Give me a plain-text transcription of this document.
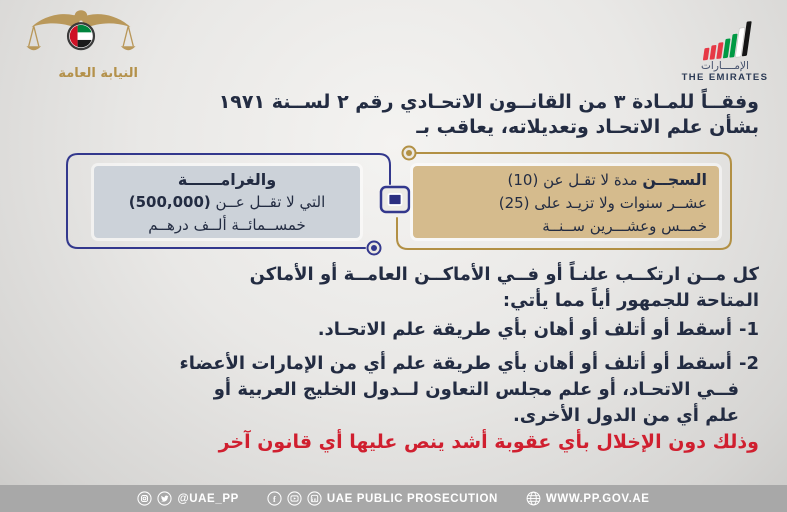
النيابة العامة	الإمــــارات
THE EMIRATES
وفقــاً للمـادة ٣ من القانــون الاتحـادي رقم ٢ لســنة ١٩٧١
بشأن علم الاتحـاد وتعديلاته، يعاقب بـ
السجــن مدة لا تقـل عن (10)
عشــر سنوات ولا تزيـد على (25)
خمــس وعشـــرين ســنــة
والغرامــــــة
التي لا تقــل عــن (500,000)
خمســمائــة ألــف درهــم
كل مــن ارتكــب علنـاً أو فــي الأماكــن العامــة أو الأماكن
المتاحة للجمهور أياً مما يأتي:
1-أسقط أو أتلف أو أهان بأي طريقة علم الاتحـاد.
2-أسقط أو أتلف أو أهان بأي طريقة علم أي من الإمارات الأعضاء
فــي الاتحـاد، أو علم مجلس التعاون لــدول الخليج العربية أو
علم أي من الدول الأخرى.
وذلك دون الإخلال بأي عقوبة أشد ينص عليها أي قانون آخر
@UAE_PP	f	in UAE PUBLIC PROSECUTION	WWW.PP.GOV.AE
